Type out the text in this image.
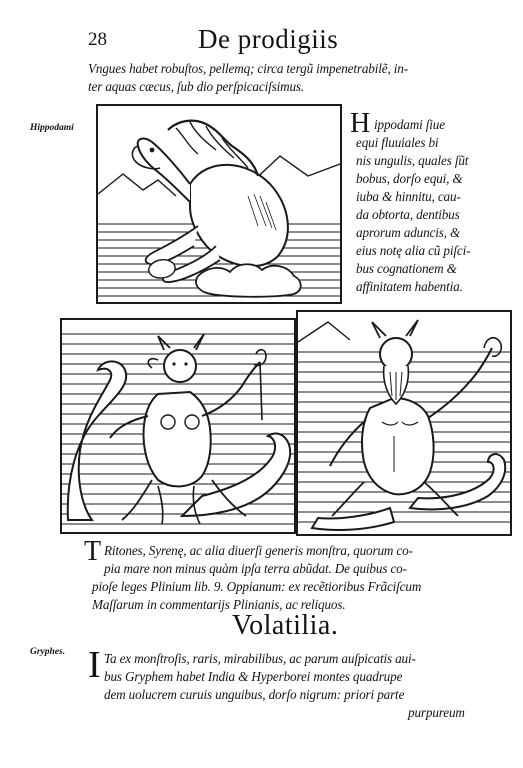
28	De prodigiis
Vngues habet robuſtos, pellemq; circa tergũ impenetrabilẽ, in-
ter aquas cæcus, ſub dio perſpicaciſsimus.
Hippodami	H ippodami ſiue
equi fluuiales bi
nis ungulis, quales ſũt
bobus, dorſo equi, &
iuba & hinnitu, cau-
da obtorta, dentibus
aprorum aduncis, &
eius notę alia cũ piſci-
bus cognationem &
affinitatem habentia.
T Ritones, Syrenę, ac alia diuerſi generis monſtra, quorum co-
pia mare non minus quàm ipſa terra abũdat. De quibus co-
pioſe leges Plinium lib. 9. Oppianum: ex recẽtioribus Frãciſcum
Maſſarum in commentarijs Plinianis, ac reliquos.
Volatilia.
Gryphes. I Ta ex monſtroſis, raris, mirabilibus, ac parum auſpicatis aui-
bus Gryphem habet India & Hyperborei montes quadrupe
dem uolucrem curuis unguibus, dorſo nigrum: priori parte
purpureum
